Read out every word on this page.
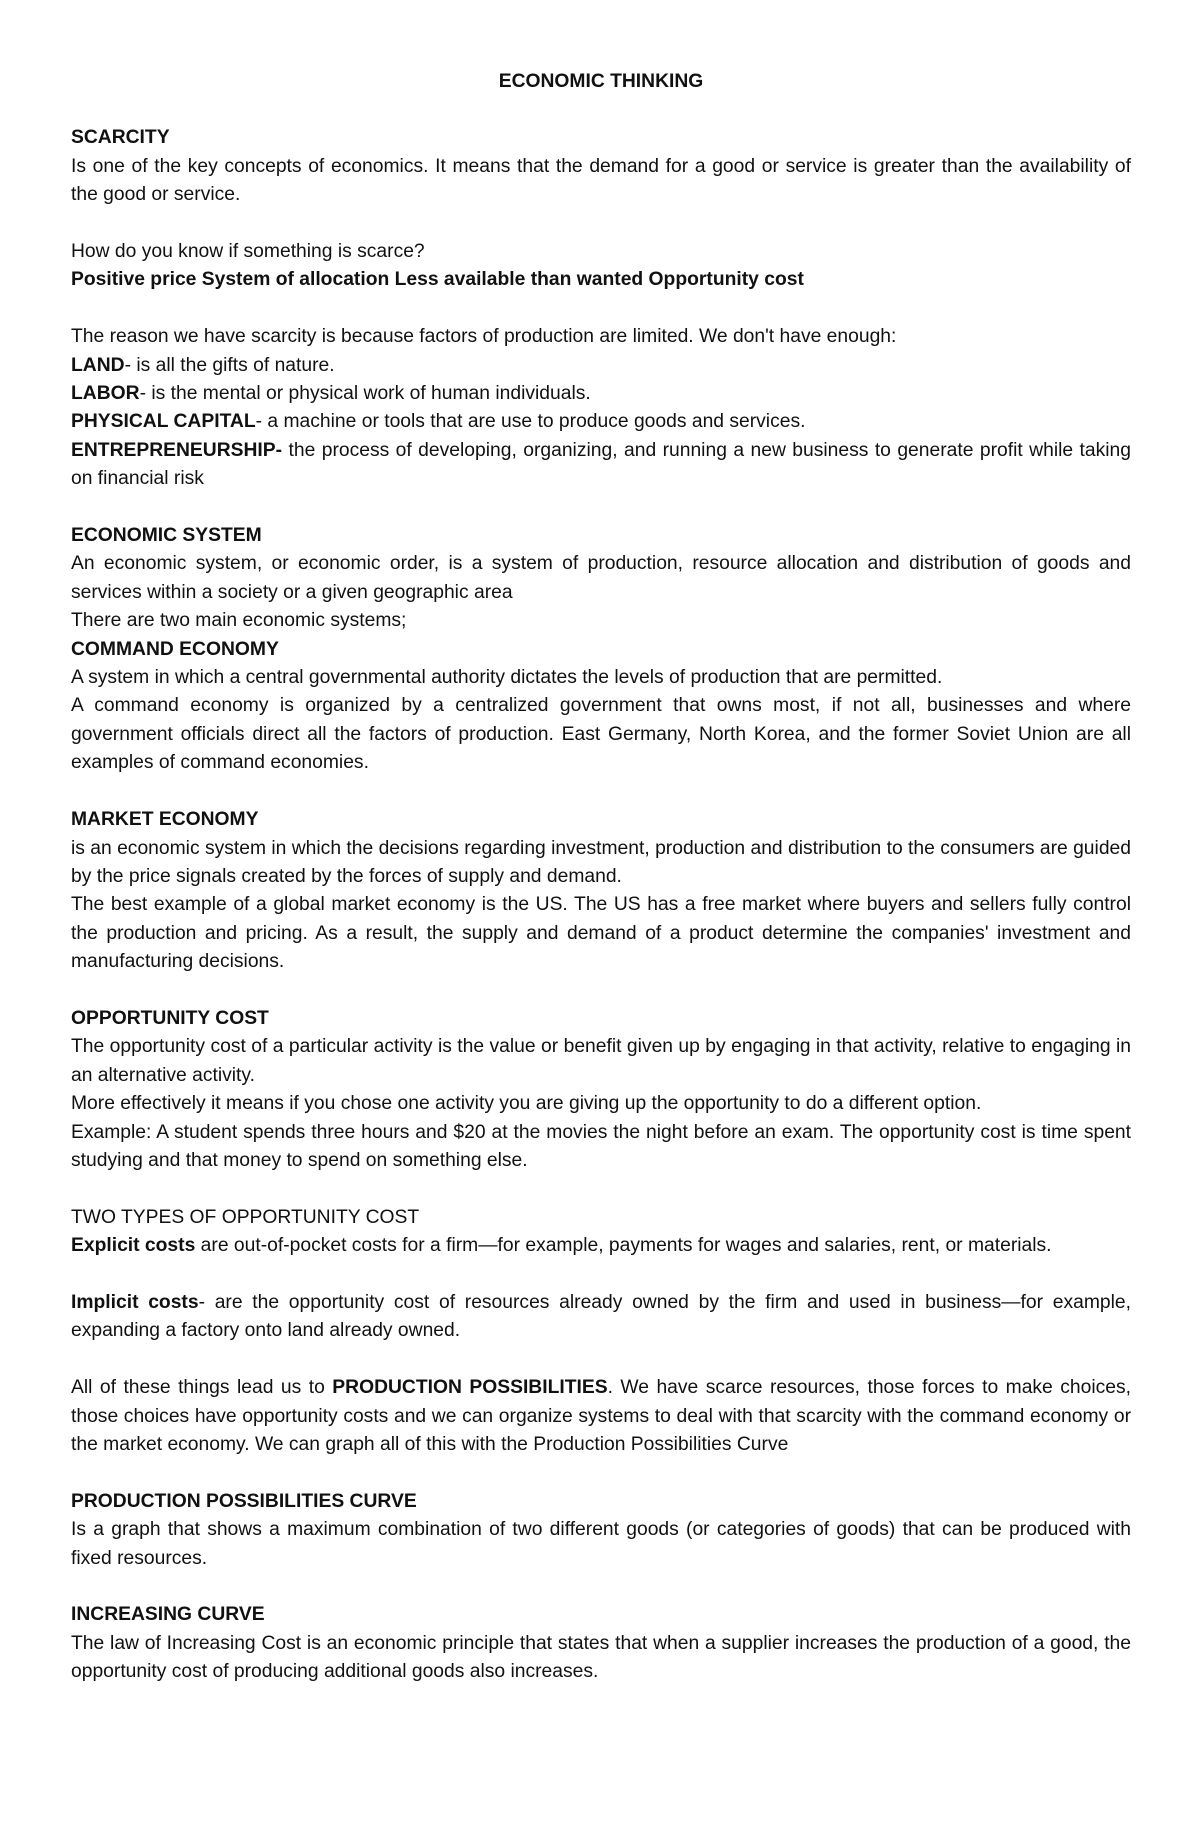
ECONOMIC THINKING

SCARCITY

Is one of the key concepts of economics. It means that the demand for a good or service is greater than the availability of the good or service.

How do you know if something is scarce?

Positive price System of allocation Less available than wanted Opportunity cost

The reason we have scarcity is because factors of production are limited. We don't have enough:

LAND- is all the gifts of nature.

LABOR- is the mental or physical work of human individuals.

PHYSICAL CAPITAL- a machine or tools that are use to produce goods and services.

ENTREPRENEURSHIP- the process of developing, organizing, and running a new business to generate profit while taking on financial risk

ECONOMIC SYSTEM

An economic system, or economic order, is a system of production, resource allocation and distribution of goods and services within a society or a given geographic area

There are two main economic systems;

COMMAND ECONOMY

A system in which a central governmental authority dictates the levels of production that are permitted.

A command economy is organized by a centralized government that owns most, if not all, businesses and where government officials direct all the factors of production. East Germany, North Korea, and the former Soviet Union are all examples of command economies.

MARKET ECONOMY

is an economic system in which the decisions regarding investment, production and distribution to the consumers are guided by the price signals created by the forces of supply and demand.

The best example of a global market economy is the US. The US has a free market where buyers and sellers fully control the production and pricing. As a result, the supply and demand of a product determine the companies' investment and manufacturing decisions.

OPPORTUNITY COST

The opportunity cost of a particular activity is the value or benefit given up by engaging in that activity, relative to engaging in an alternative activity.

More effectively it means if you chose one activity you are giving up the opportunity to do a different option.

Example: A student spends three hours and $20 at the movies the night before an exam. The opportunity cost is time spent studying and that money to spend on something else.

TWO TYPES OF OPPORTUNITY COST

Explicit costs are out-of-pocket costs for a firm—for example, payments for wages and salaries, rent, or materials.

Implicit costs- are the opportunity cost of resources already owned by the firm and used in business—for example, expanding a factory onto land already owned.

All of these things lead us to PRODUCTION POSSIBILITIES. We have scarce resources, those forces to make choices, those choices have opportunity costs and we can organize systems to deal with that scarcity with the command economy or the market economy. We can graph all of this with the Production Possibilities Curve

PRODUCTION POSSIBILITIES CURVE

Is a graph that shows a maximum combination of two different goods (or categories of goods) that can be produced with fixed resources.

INCREASING CURVE

The law of Increasing Cost is an economic principle that states that when a supplier increases the production of a good, the opportunity cost of producing additional goods also increases.
